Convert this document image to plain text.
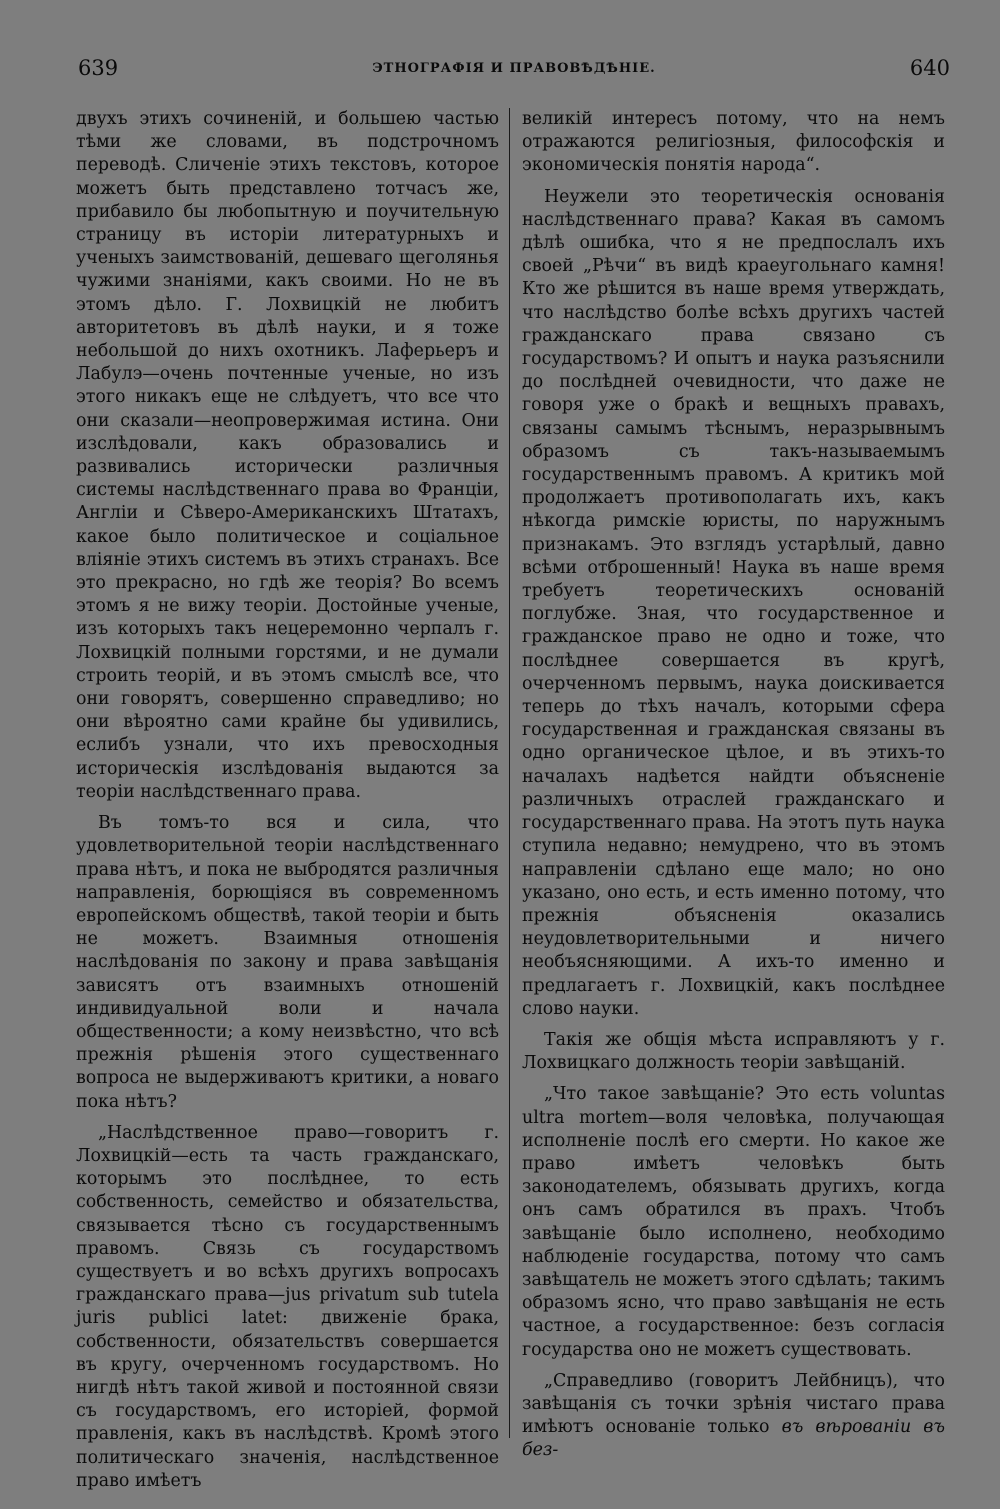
639	ЭТНОГРАФІЯ И ПРАВОВѢДѢНІЕ.	640

двухъ этихъ сочиненій, и большею частью тѣми же словами, въ подстрочномъ переводѣ. Сличеніе этихъ текстовъ, которое можетъ быть представлено тотчасъ же, прибавило бы любопытную и поучительную страницу въ исторіи литературныхъ и ученыхъ заимствованій, дешеваго щеголянья чужими знаніями, какъ своими. Но не въ этомъ дѣло. Г. Лохвицкій не любитъ авторитетовъ въ дѣлѣ науки, и я тоже небольшой до нихъ охотникъ. Лаферьеръ и Лабулэ—очень почтенные ученые, но изъ этого никакъ еще не слѣдуетъ, что все что они сказали—неопровержимая истина. Они изслѣдовали, какъ образовались и развивались исторически различныя системы наслѣдственнаго права во Франціи, Англіи и Сѣверо-Американскихъ Штатахъ, какое было политическое и соціальное вліяніе этихъ системъ въ этихъ странахъ. Все это прекрасно, но гдѣ же теорія? Во всемъ этомъ я не вижу теоріи. Достойные ученые, изъ которыхъ такъ нецеремонно черпалъ г. Лохвицкій полными горстями, и не думали строить теорій, и въ этомъ смыслѣ все, что они говорятъ, совершенно справедливо; но они вѣроятно сами крайне бы удивились, еслибъ узнали, что ихъ превосходныя историческія изслѣдованія выдаются за теоріи наслѣдственнаго права.

Въ томъ-то вся и сила, что удовлетворительной теоріи наслѣдственнаго права нѣтъ, и пока не выбродятся различныя направленія, борющіяся въ современномъ европейскомъ обществѣ, такой теоріи и быть не можетъ. Взаимныя отношенія наслѣдованія по закону и права завѣщанія зависятъ отъ взаимныхъ отношеній индивидуальной воли и начала общественности; а кому неизвѣстно, что всѣ прежнія рѣшенія этого существеннаго вопроса не выдерживаютъ критики, а новаго пока нѣтъ?

„Наслѣдственное право—говоритъ г. Лохвицкій—есть та часть гражданскаго, которымъ это послѣднее, то есть собственность, семейство и обязательства, связывается тѣсно съ государственнымъ правомъ. Связь съ государствомъ существуетъ и во всѣхъ другихъ вопросахъ гражданскаго права—jus privatum sub tutela juris publici latet: движеніе брака, собственности, обязательствъ совершается въ кругу, очерченномъ государствомъ. Но нигдѣ нѣтъ такой живой и постоянной связи съ государствомъ, его исторіей, формой правленія, какъ въ наслѣдствѣ. Кромѣ этого политическаго значенія, наслѣдственное право имѣетъ

великій интересъ потому, что на немъ отражаются религіозныя, философскія и экономическія понятія народа“.

Неужели это теоретическія основанія наслѣдственнаго права? Какая въ самомъ дѣлѣ ошибка, что я не предпослалъ ихъ своей „Рѣчи“ въ видѣ краеугольнаго камня! Кто же рѣшится въ наше время утверждать, что наслѣдство болѣе всѣхъ другихъ частей гражданскаго права связано съ государствомъ? И опытъ и наука разъяснили до послѣдней очевидности, что даже не говоря уже о бракѣ и вещныхъ правахъ, связаны самымъ тѣснымъ, неразрывнымъ образомъ съ такъ-называемымъ государственнымъ правомъ. А критикъ мой продолжаетъ противополагать ихъ, какъ нѣкогда римскіе юристы, по наружнымъ признакамъ. Это взглядъ устарѣлый, давно всѣми отброшенный! Наука въ наше время требуетъ теоретическихъ основаній поглубже. Зная, что государственное и гражданское право не одно и тоже, что послѣднее совершается въ кругѣ, очерченномъ первымъ, наука доискивается теперь до тѣхъ началъ, которыми сфера государственная и гражданская связаны въ одно органическое цѣлое, и въ этихъ-то началахъ надѣется найдти объясненіе различныхъ отраслей гражданскаго и государственнаго права. На этотъ путь наука ступила недавно; немудрено, что въ этомъ направленіи сдѣлано еще мало; но оно указано, оно есть, и есть именно потому, что прежнія объясненія оказались неудовлетворительными и ничего необъясняющими. А ихъ-то именно и предлагаетъ г. Лохвицкій, какъ послѣднее слово науки.

Такія же общія мѣста исправляютъ у г. Лохвицкаго должность теоріи завѣщаній.

„Что такое завѣщаніе? Это есть voluntas ultra mortem—воля человѣка, получающая исполненіе послѣ его смерти. Но какое же право имѣетъ человѣкъ быть законодателемъ, обязывать другихъ, когда онъ самъ обратился въ прахъ. Чтобъ завѣщаніе было исполнено, необходимо наблюденіе государства, потому что самъ завѣщатель не можетъ этого сдѣлать; такимъ образомъ ясно, что право завѣщанія не есть частное, а государственное: безъ согласія государства оно не можетъ существовать.

„Справедливо (говоритъ Лейбницъ), что завѣщанія съ точки зрѣнія чистаго права имѣютъ основаніе только въ вѣрованіи въ без-
